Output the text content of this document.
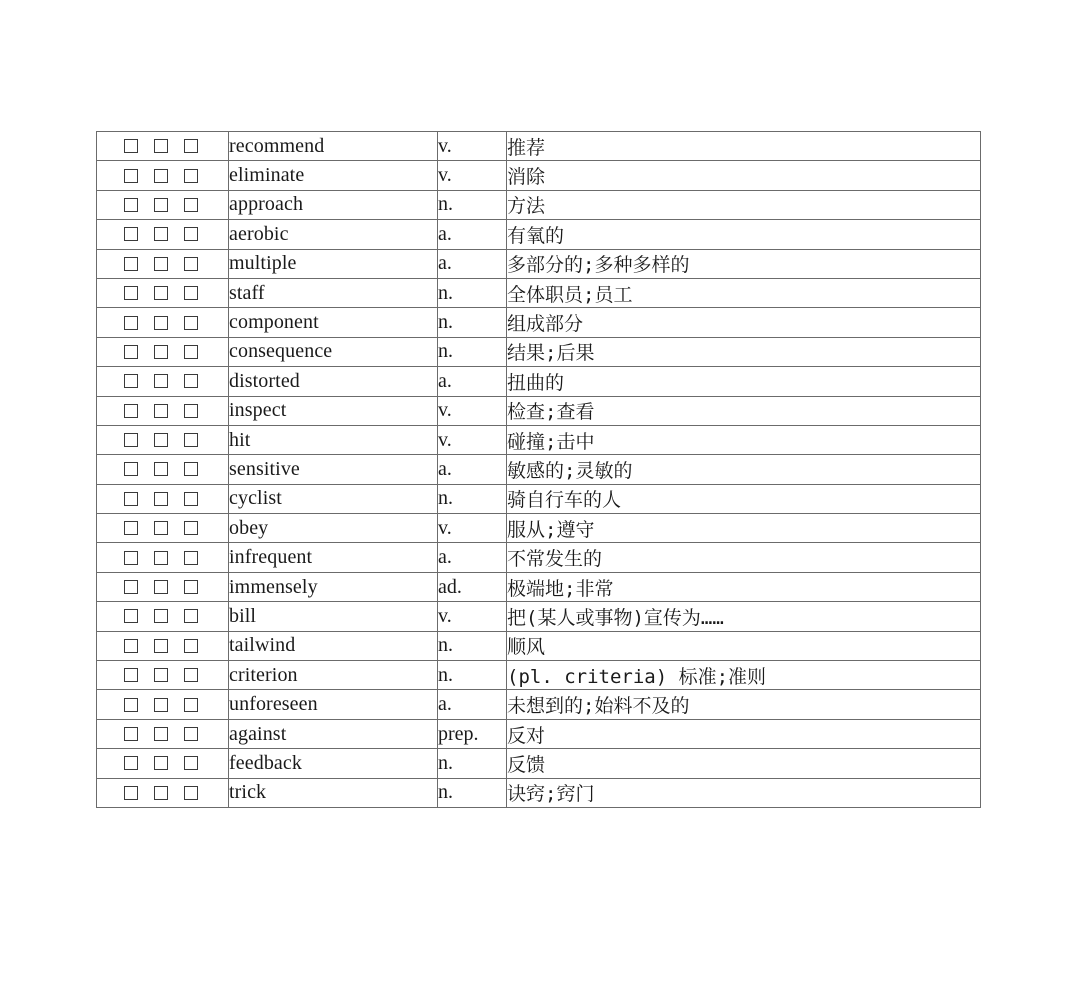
	recommend	v.	推荐

	eliminate	v.	消除

	approach	n.	方法

	aerobic	a.	有氧的

	multiple	a.	多部分的;多种多样的

	staff	n.	全体职员;员工

	component	n.	组成部分

	consequence	n.	结果;后果

	distorted	a.	扭曲的

	inspect	v.	检查;查看

	hit	v.	碰撞;击中

	sensitive	a.	敏感的;灵敏的

	cyclist	n.	骑自行车的人

	obey	v.	服从;遵守

	infrequent	a.	不常发生的

	immensely	ad.	极端地;非常

	bill	v.	把(某人或事物)宣传为……

	tailwind	n.	顺风

	criterion	n.	(pl. criteria) 标准;准则

	unforeseen	a.	未想到的;始料不及的

	against	prep.	反对

	feedback	n.	反馈

	trick	n.	诀窍;窍门
